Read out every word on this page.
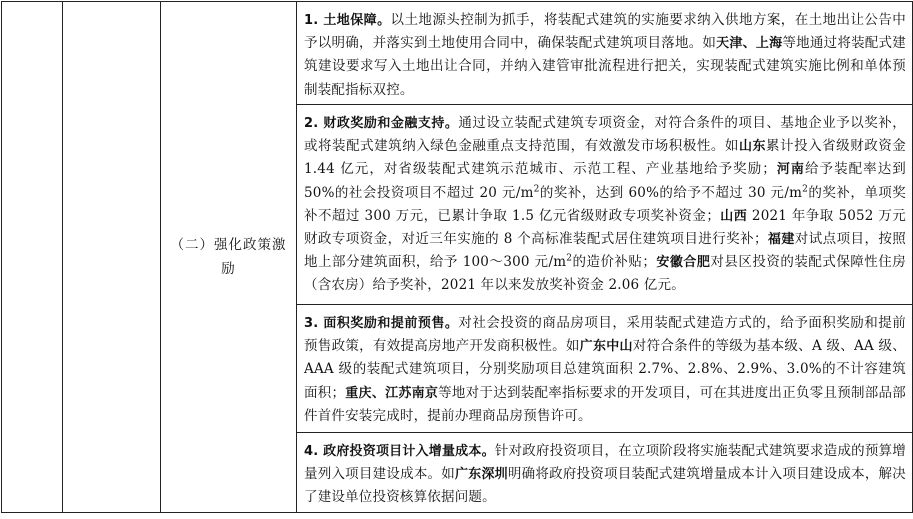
（二）强化政策激励

1. 土地保障。以土地源头控制为抓手，将装配式建筑的实施要求纳入供地方案，在土地出让公告中予以明确，并落实到土地使用合同中，确保装配式建筑项目落地。如天津、上海等地通过将装配式建筑建设要求写入土地出让合同，并纳入建管审批流程进行把关，实现装配式建筑实施比例和单体预制装配指标双控。

2. 财政奖励和金融支持。通过设立装配式建筑专项资金，对符合条件的项目、基地企业予以奖补，或将装配式建筑纳入绿色金融重点支持范围，有效激发市场积极性。如山东累计投入省级财政资金 1.44 亿元，对省级装配式建筑示范城市、示范工程、产业基地给予奖励；河南给予装配率达到 50%的社会投资项目不超过 20 元$/m^2$的奖补，达到 60%的给予不超过 30 元$/m^2$的奖补，单项奖补不超过 300 万元，已累计争取 1.5 亿元省级财政专项奖补资金；山西 2021 年争取 5052 万元财政专项资金，对近三年实施的 8 个高标准装配式居住建筑项目进行奖补；福建对试点项目，按照地上部分建筑面积，给予 100～300 元$/m^2$的造价补贴；安徽合肥对县区投资的装配式保障性住房（含农房）给予奖补，2021 年以来发放奖补资金 2.06 亿元。

3. 面积奖励和提前预售。对社会投资的商品房项目，采用装配式建造方式的，给予面积奖励和提前预售政策，有效提高房地产开发商积极性。如广东中山对符合条件的等级为基本级、A 级、AA 级、AAA 级的装配式建筑项目，分别奖励项目总建筑面积 2.7%、2.8%、2.9%、3.0%的不计容建筑面积；重庆、江苏南京等地对于达到装配率指标要求的开发项目，可在其进度出正负零且预制部品部件首件安装完成时，提前办理商品房预售许可。

4. 政府投资项目计入增量成本。针对政府投资项目，在立项阶段将实施装配式建筑要求造成的预算增量列入项目建设成本。如广东深圳明确将政府投资项目装配式建筑增量成本计入项目建设成本，解决了建设单位投资核算依据问题。
